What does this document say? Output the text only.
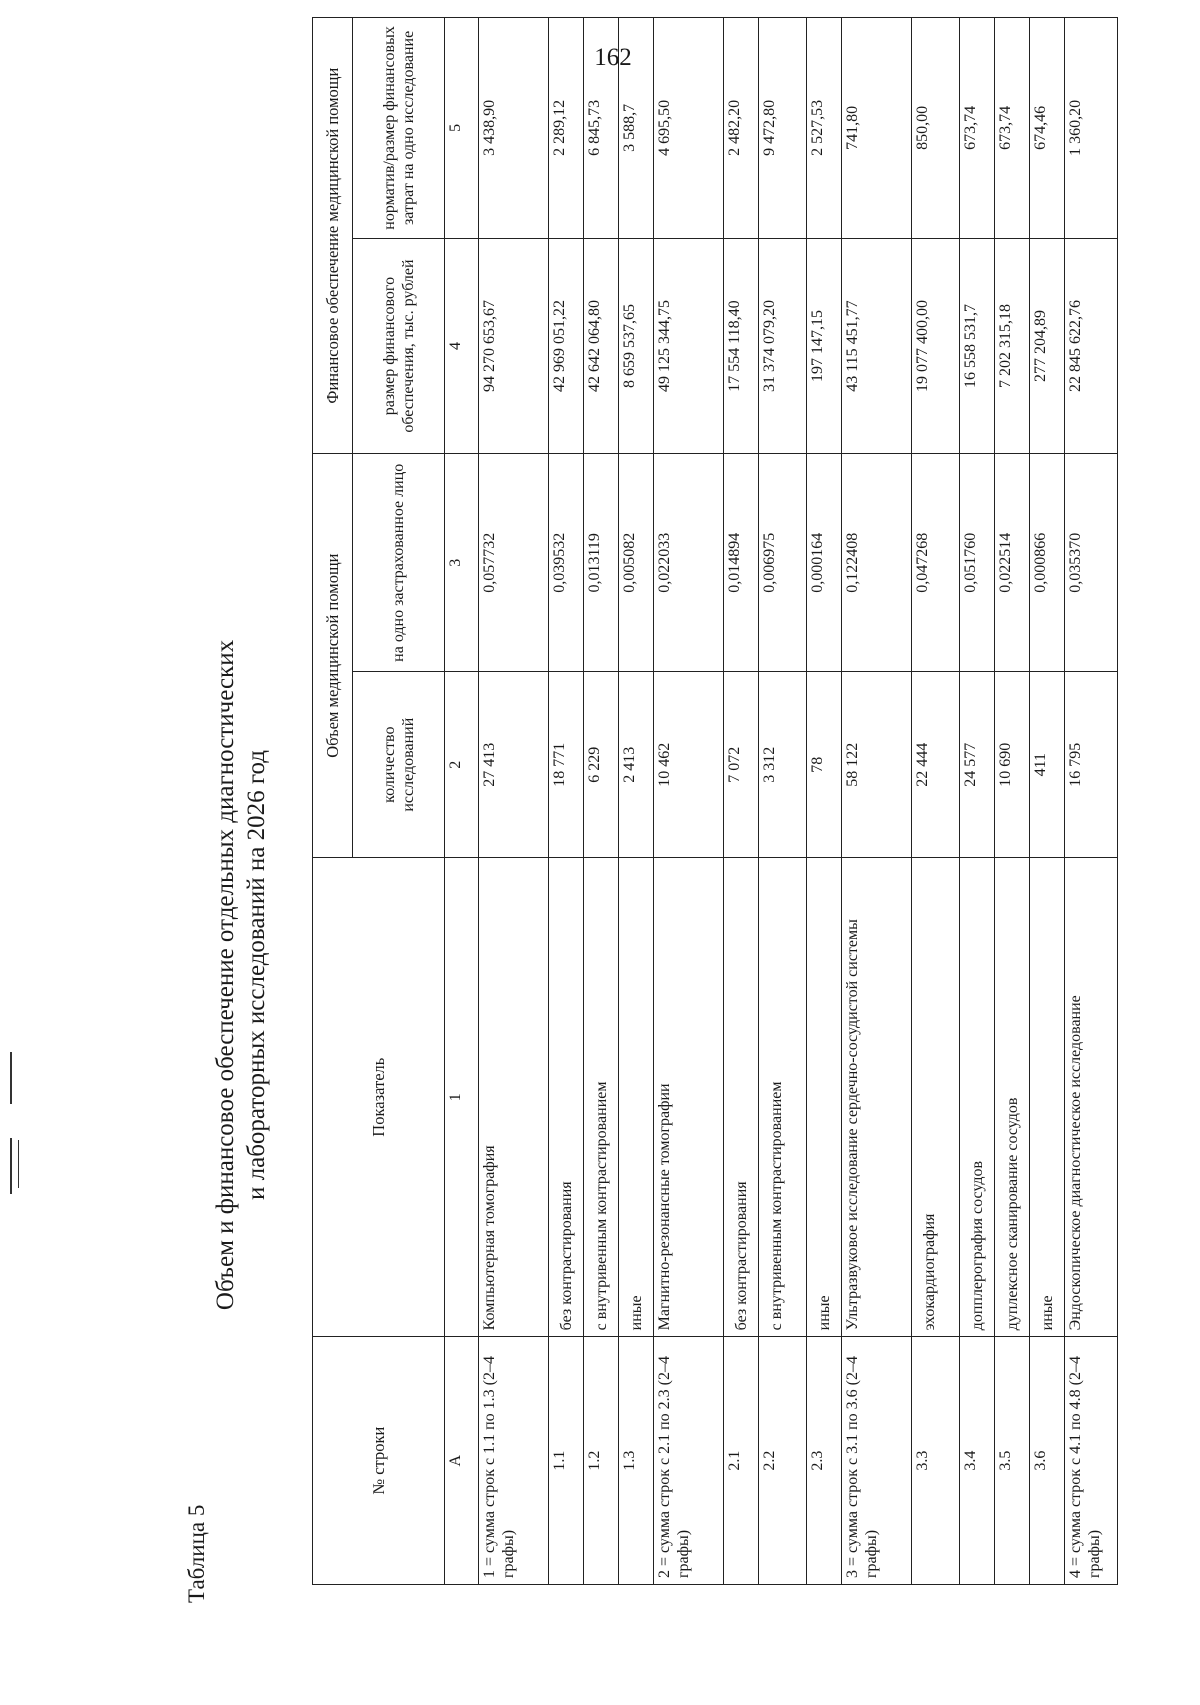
162
Таблица 5
Объем и финансовое обеспечение отдельных диагностических и лабораторных исследований на 2026 год
№ строки	Показатель	Объем медицинской помощи		Финансовое обеспечение медицинской помощи	
		количество исследований	на одно застрахованное лицо	размер финансового обеспечения, тыс. рублей	норматив/размер финансовых затрат на одно исследование
А	1	2	3	4	5
1 = сумма строк с 1.1 по 1.3 (2–4 графы)	Компьютерная томография	27 413	0,057732	94 270 653,67	3 438,90
1.1	без контрастирования	18 771	0,039532	42 969 051,22	2 289,12
1.2	с внутривенным контрастированием	6 229	0,013119	42 642 064,80	6 845,73
1.3	иные	2 413	0,005082	8 659 537,65	3 588,7
2 = сумма строк с 2.1 по 2.3 (2–4 графы)	Магнитно-резонансные томографии	10 462	0,022033	49 125 344,75	4 695,50
2.1	без контрастирования	7 072	0,014894	17 554 118,40	2 482,20
2.2	с внутривенным контрастированием	3 312	0,006975	31 374 079,20	9 472,80
2.3	иные	78	0,000164	197 147,15	2 527,53
3 = сумма строк с 3.1 по 3.6 (2–4 графы)	Ультразвуковое исследование сердечно-сосудистой системы	58 122	0,122408	43 115 451,77	741,80
3.3	эхокардиография	22 444	0,047268	19 077 400,00	850,00
3.4	допплерография сосудов	24 577	0,051760	16 558 531,7	673,74
3.5	дуплексное сканирование сосудов	10 690	0,022514	7 202 315,18	673,74
3.6	иные	411	0,000866	277 204,89	674,46
4 = сумма строк с 4.1 по 4.8 (2–4 графы)	Эндоскопическое диагностическое исследование	16 795	0,035370	22 845 622,76	1 360,20
